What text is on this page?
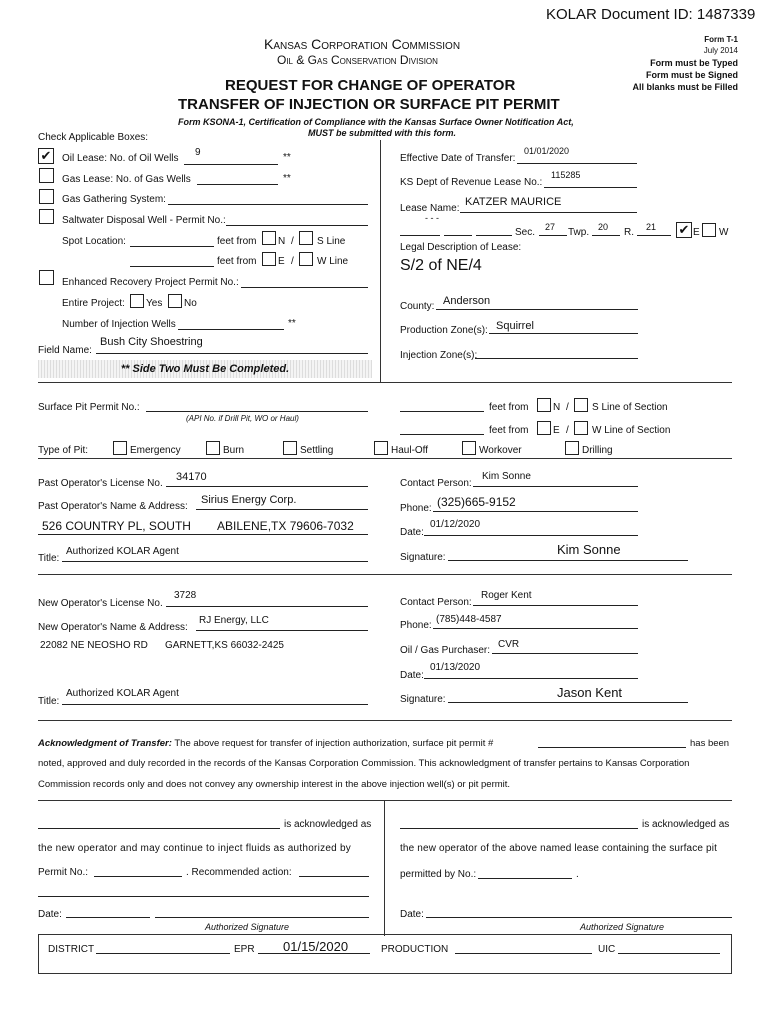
KOLAR Document ID: 1487339
Kansas Corporation Commission
Oil & Gas Conservation Division
Form T-1
July 2014
Form must be Typed
Form must be Signed
All blanks must be Filled
REQUEST FOR CHANGE OF OPERATOR
TRANSFER OF INJECTION OR SURFACE PIT PERMIT
Form KSONA-1, Certification of Compliance with the Kansas Surface Owner Notification Act,
MUST be submitted with this form.
Check Applicable Boxes:
✔ Oil Lease: No. of Oil Wells
9	**
Gas Lease: No. of Gas Wells	**
Gas Gathering System:
Saltwater Disposal Well - Permit No.:
Spot Location:	feet from N / S Line
feet from E / W Line
Enhanced Recovery Project Permit No.:
Entire Project: Yes No
Number of Injection Wells	**
Field Name:
Bush City Shoestring
** Side Two Must Be Completed.
Effective Date of Transfer:
01/01/2020
KS Dept of Revenue Lease No.:
115285
Lease Name:
KATZER MAURICE
- - -
Sec. 27 Twp. 20 R. 21 ✔ E W
Legal Description of Lease:
S/2 of NE/4
County: Anderson
Production Zone(s): Squirrel
Injection Zone(s):
Surface Pit Permit No.:
(API No. if Drill Pit, WO or Haul)
feet from N / S Line of Section
feet from E / W Line of Section
Type of Pit:	Emergency	Burn	Settling	Haul-Off	Workover	Drilling
Past Operator's License No.
34170
Past Operator's Name & Address:
Sirius Energy Corp.
526 COUNTRY PL, SOUTH ABILENE,TX 79606-7032
Title:
Authorized KOLAR Agent
Contact Person:
Kim Sonne
Phone: (325)665-9152
Date:
01/12/2020
Signature:
Kim Sonne
New Operator's License No.
3728
New Operator's Name & Address:
RJ Energy, LLC
22082 NE NEOSHO RD GARNETT,KS 66032-2425
Title:
Authorized KOLAR Agent
Contact Person:
Roger Kent
Phone:
(785)448-4587
Oil / Gas Purchaser:
CVR
Date:
01/13/2020
Signature:	Jason Kent
Acknowledgment of Transfer: The above request for transfer of injection authorization, surface pit permit #	has been
noted, approved and duly recorded in the records of the Kansas Corporation Commission. This acknowledgment of transfer pertains to Kansas Corporation
Commission records only and does not convey any ownership interest in the above injection well(s) or pit permit.
is acknowledged as
the new operator and may continue to inject fluids as authorized by
Permit No.:	. Recommended action:
Date:
Authorized Signature
is acknowledged as
the new operator of the above named lease containing the surface pit
permitted by No.:	.
Date:
Authorized Signature
DISTRICT	EPR 01/15/2020	PRODUCTION	UIC
